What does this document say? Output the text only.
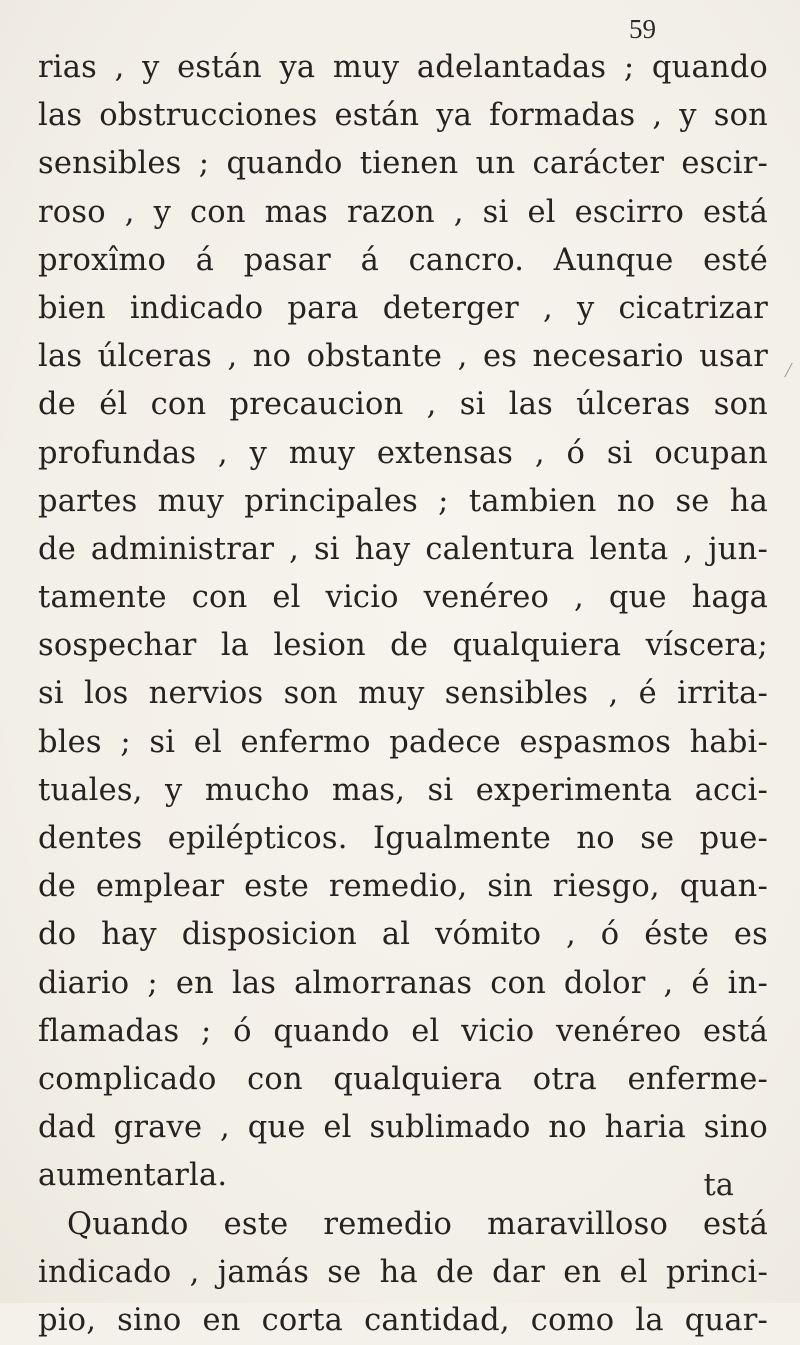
59
rias , y están ya muy adelantadas ; quando
las obstrucciones están ya formadas , y son
sensibles ; quando tienen un carácter escir-
roso , y con mas razon , si el escirro está
proxîmo á pasar á cancro. Aunque esté
bien indicado para deterger , y cicatrizar
las úlceras , no obstante , es necesario usar
de él con precaucion , si las úlceras son
profundas , y muy extensas , ó si ocupan
partes muy principales ; tambien no se ha
de administrar , si hay calentura lenta , jun-
tamente con el vicio venéreo , que haga
sospechar la lesion de qualquiera víscera;
si los nervios son muy sensibles , é irrita-
bles ; si el enfermo padece espasmos habi-
tuales, y mucho mas, si experimenta acci-
dentes epilépticos. Igualmente no se pue-
de emplear este remedio, sin riesgo, quan-
do hay disposicion al vómito , ó éste es
diario ; en las almorranas con dolor , é in-
flamadas ; ó quando el vicio venéreo está
complicado con qualquiera otra enferme-
dad grave , que el sublimado no haria sino
aumentarla.
Quando este remedio maravilloso está
indicado , jamás se ha de dar en el princi-
pio, sino en corta cantidad, como la quar-
ta
